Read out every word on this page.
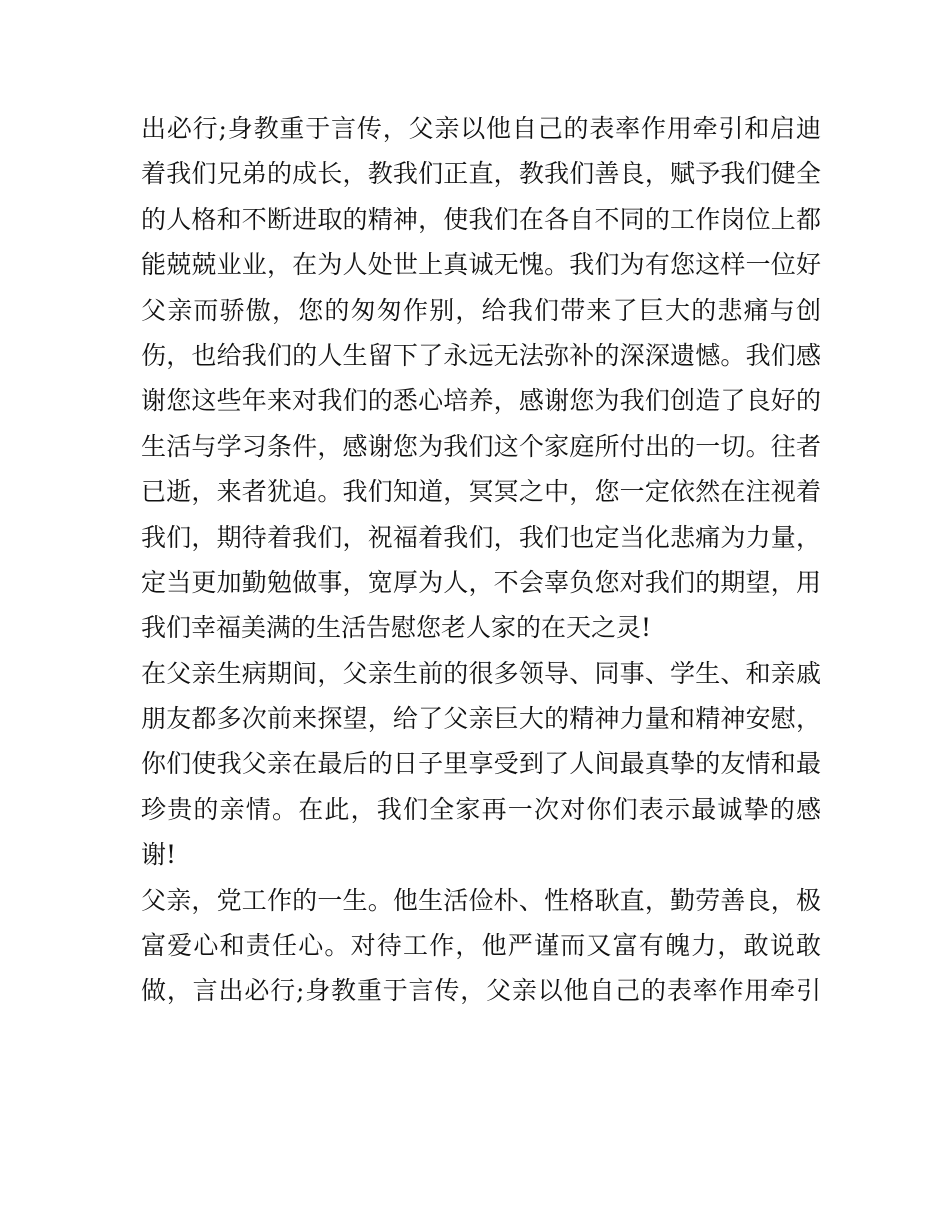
出必行;身教重于言传，父亲以他自己的表率作用牵引和启迪
着我们兄弟的成长，教我们正直，教我们善良，赋予我们健全
的人格和不断进取的精神，使我们在各自不同的工作岗位上都
能兢兢业业，在为人处世上真诚无愧。我们为有您这样一位好
父亲而骄傲，您的匆匆作别，给我们带来了巨大的悲痛与创
伤，也给我们的人生留下了永远无法弥补的深深遗憾。我们感
谢您这些年来对我们的悉心培养，感谢您为我们创造了良好的
生活与学习条件，感谢您为我们这个家庭所付出的一切。往者
已逝，来者犹追。我们知道，冥冥之中，您一定依然在注视着
我们，期待着我们，祝福着我们，我们也定当化悲痛为力量，
定当更加勤勉做事，宽厚为人，不会辜负您对我们的期望，用
我们幸福美满的生活告慰您老人家的在天之灵!
在父亲生病期间，父亲生前的很多领导、同事、学生、和亲戚
朋友都多次前来探望，给了父亲巨大的精神力量和精神安慰，
你们使我父亲在最后的日子里享受到了人间最真挚的友情和最
珍贵的亲情。在此，我们全家再一次对你们表示最诚挚的感
谢!
父亲，党工作的一生。他生活俭朴、性格耿直，勤劳善良，极
富爱心和责任心。对待工作，他严谨而又富有魄力，敢说敢
做，言出必行;身教重于言传，父亲以他自己的表率作用牵引
